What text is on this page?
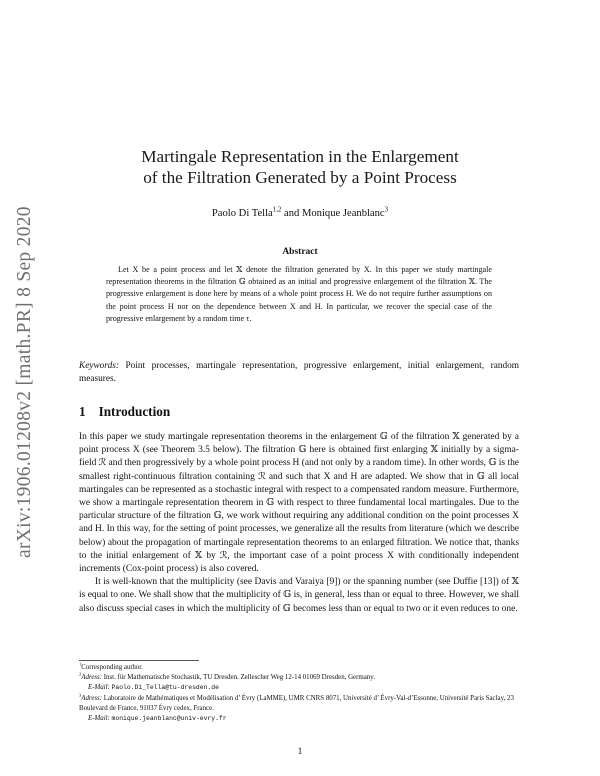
arXiv:1906.01208v2 [math.PR] 8 Sep 2020
Martingale Representation in the Enlargement
of the Filtration Generated by a Point Process
Paolo Di Tella$^{1,2}$ and Monique Jeanblanc$^3$
Abstract
Let X be a point process and let 𝕏 denote the filtration generated by X. In this paper we study martingale representation theorems in the filtration 𝔾 obtained as an initial and progressive enlargement of the filtration 𝕏. The progressive enlargement is done here by means of a whole point process H. We do not require further assumptions on the point process H nor on the dependence between X and H. In particular, we recover the special case of the progressive enlargement by a random time τ.
Keywords: Point processes, martingale representation, progressive enlargement, initial enlargement, random measures.
1 Introduction

In this paper we study martingale representation theorems in the enlargement 𝔾 of the filtration 𝕏 generated by a point process X (see Theorem 3.5 below). The filtration 𝔾 here is obtained first enlarging 𝕏 initially by a sigma-field ℛ and then progressively by a whole point process H (and not only by a random time). In other words, 𝔾 is the smallest right-continuous filtration containing ℛ and such that X and H are adapted. We show that in 𝔾 all local martingales can be represented as a stochastic integral with respect to a compensated random measure. Furthermore, we show a martingale representation theorem in 𝔾 with respect to three fundamental local martingales. Due to the particular structure of the filtration 𝔾, we work without requiring any additional condition on the point processes X and H. In this way, for the setting of point processes, we generalize all the results from literature (which we describe below) about the propagation of martingale representation theorems to an enlarged filtration. We notice that, thanks to the initial enlargement of 𝕏 by ℛ, the important case of a point process X with conditionally independent increments (Cox-point process) is also covered.

It is well-known that the multiplicity (see Davis and Varaiya [9]) or the spanning number (see Duffie [13]) of 𝕏 is equal to one. We shall show that the multiplicity of 𝔾 is, in general, less than or equal to three. However, we shall also discuss special cases in which the multiplicity of 𝔾 becomes less than or equal to two or it even reduces to one.

$^1$Corresponding author.
$^2$Adress: Inst. für Mathematische Stochastik, TU Dresden. Zellescher Weg 12-14 01069 Dresden, Germany.
E-Mail: Paolo.Di_Tella@tu-dresden.de
$^3$Adress: Laboratoire de Mathématiques et Modélisation d’ Évry (LaMME), UMR CNRS 8071, Université d’ Évry-Val-d’Essonne, Université Paris Saclay, 23 Boulevard de France, 91037 Évry cedex, France.
E-Mail: monique.jeanblanc@univ-evry.fr
1
